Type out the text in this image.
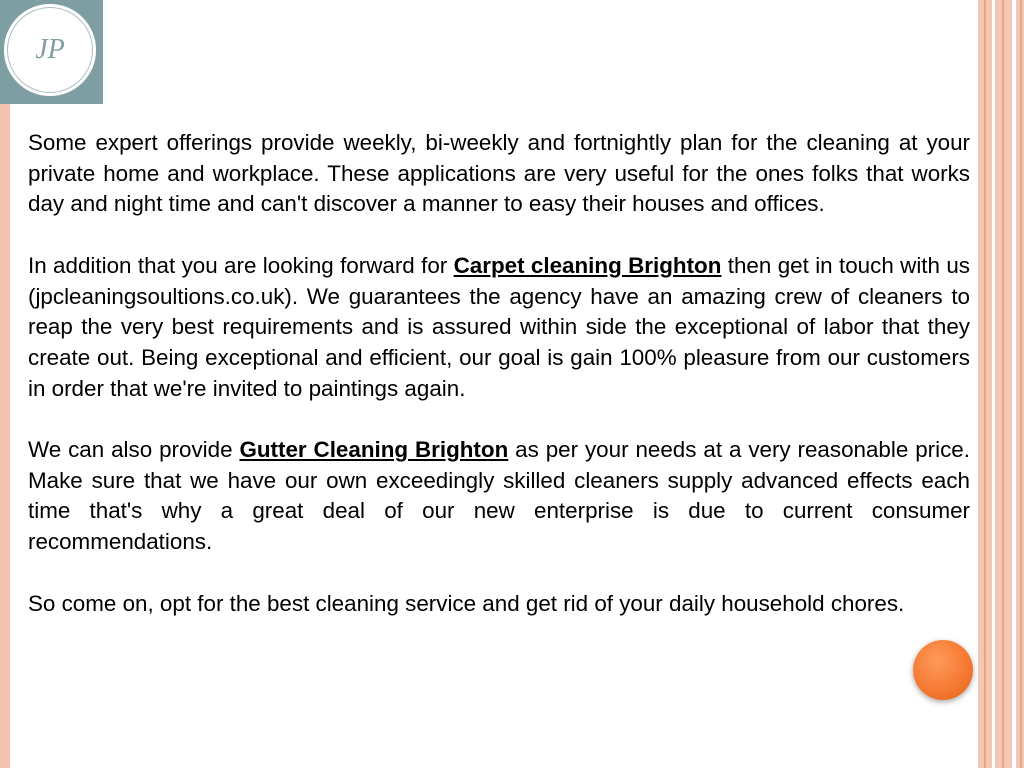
JP

Some expert offerings provide weekly, bi-weekly and fortnightly plan for the cleaning at your private home and workplace. These applications are very useful for the ones folks that works day and night time and can't discover a manner to easy their houses and offices.

In addition that you are looking forward for Carpet cleaning Brighton then get in touch with us (jpcleaningsoultions.co.uk). We guarantees the agency have an amazing crew of cleaners to reap the very best requirements and is assured within side the exceptional of labor that they create out. Being exceptional and efficient, our goal is gain 100% pleasure from our customers in order that we're invited to paintings again.

We can also provide Gutter Cleaning Brighton as per your needs at a very reasonable price. Make sure that we have our own exceedingly skilled cleaners supply advanced effects each time that's why a great deal of our new enterprise is due to current consumer recommendations.

So come on, opt for the best cleaning service and get rid of your daily household chores.
